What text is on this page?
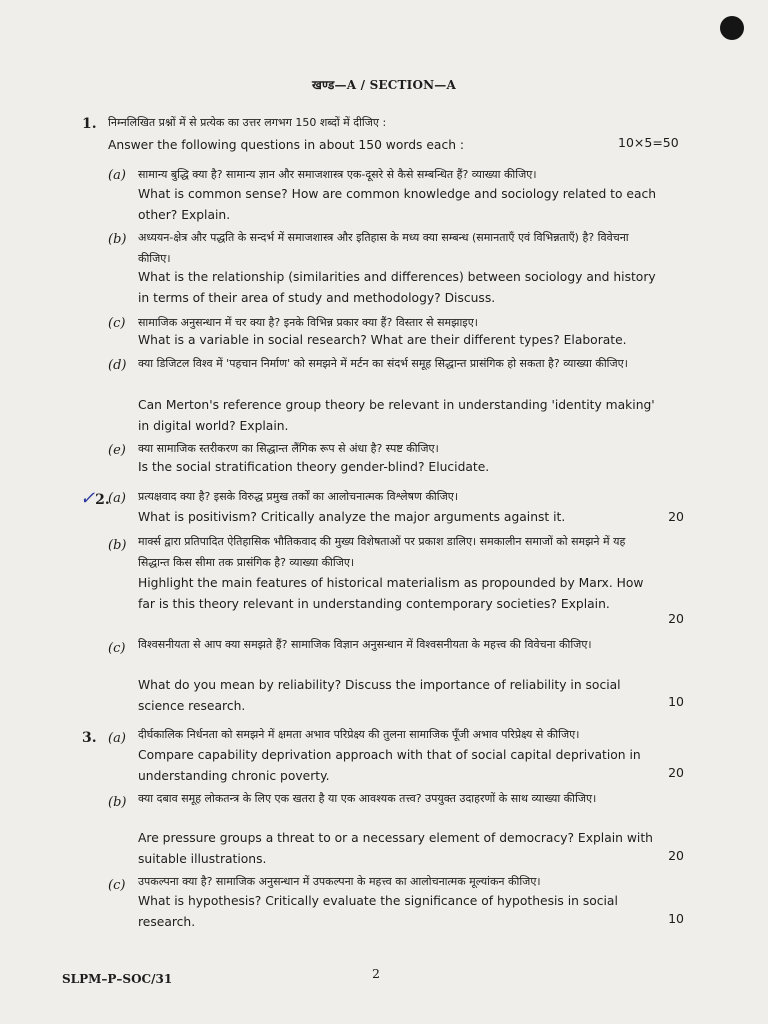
खण्ड—A / SECTION—A
1. निम्नलिखित प्रश्नों में से प्रत्येक का उत्तर लगभग 150 शब्दों में दीजिए :
Answer the following questions in about 150 words each :	10×5=50
(a) सामान्य बुद्धि क्या है? सामान्य ज्ञान और समाजशास्त्र एक-दूसरे से कैसे सम्बन्धित हैं? व्याख्या कीजिए।
What is common sense? How are common knowledge and sociology related to each other? Explain.
(b) अध्ययन-क्षेत्र और पद्धति के सन्दर्भ में समाजशास्त्र और इतिहास के मध्य क्या सम्बन्ध (समानताएँ एवं विभिन्नताएँ) है? विवेचना कीजिए।
What is the relationship (similarities and differences) between sociology and history in terms of their area of study and methodology? Discuss.
(c) सामाजिक अनुसन्धान में चर क्या है? इनके विभिन्न प्रकार क्या हैं? विस्तार से समझाइए।
What is a variable in social research? What are their different types? Elaborate.
(d) क्या डिजिटल विश्व में 'पहचान निर्माण' को समझने में मर्टन का संदर्भ समूह सिद्धान्त प्रासंगिक हो सकता है? व्याख्या कीजिए।
Can Merton's reference group theory be relevant in understanding 'identity making' in digital world? Explain.
(e) क्या सामाजिक स्तरीकरण का सिद्धान्त लैंगिक रूप से अंधा है? स्पष्ट कीजिए।
Is the social stratification theory gender-blind? Elucidate.
✓2.
(a) प्रत्यक्षवाद क्या है? इसके विरुद्ध प्रमुख तर्कों का आलोचनात्मक विश्लेषण कीजिए।
What is positivism? Critically analyze the major arguments against it.	20
(b) मार्क्स द्वारा प्रतिपादित ऐतिहासिक भौतिकवाद की मुख्य विशेषताओं पर प्रकाश डालिए। समकालीन समाजों को समझने में यह सिद्धान्त किस सीमा तक प्रासंगिक है? व्याख्या कीजिए।
Highlight the main features of historical materialism as propounded by Marx. How far is this theory relevant in understanding contemporary societies? Explain.
20
(c) विश्वसनीयता से आप क्या समझते हैं? सामाजिक विज्ञान अनुसन्धान में विश्वसनीयता के महत्त्व की विवेचना कीजिए।
What do you mean by reliability? Discuss the importance of reliability in social science research.	10
3. (a) दीर्घकालिक निर्धनता को समझने में क्षमता अभाव परिप्रेक्ष्य की तुलना सामाजिक पूँजी अभाव परिप्रेक्ष्य से कीजिए।
Compare capability deprivation approach with that of social capital deprivation in understanding chronic poverty.	20
(b) क्या दबाव समूह लोकतन्त्र के लिए एक खतरा है या एक आवश्यक तत्त्व? उपयुक्त उदाहरणों के साथ व्याख्या कीजिए।
Are pressure groups a threat to or a necessary element of democracy? Explain with suitable illustrations.	20
(c) उपकल्पना क्या है? सामाजिक अनुसन्धान में उपकल्पना के महत्त्व का आलोचनात्मक मूल्यांकन कीजिए।
What is hypothesis? Critically evaluate the significance of hypothesis in social research.	10
SLPM–P–SOC/31	2
